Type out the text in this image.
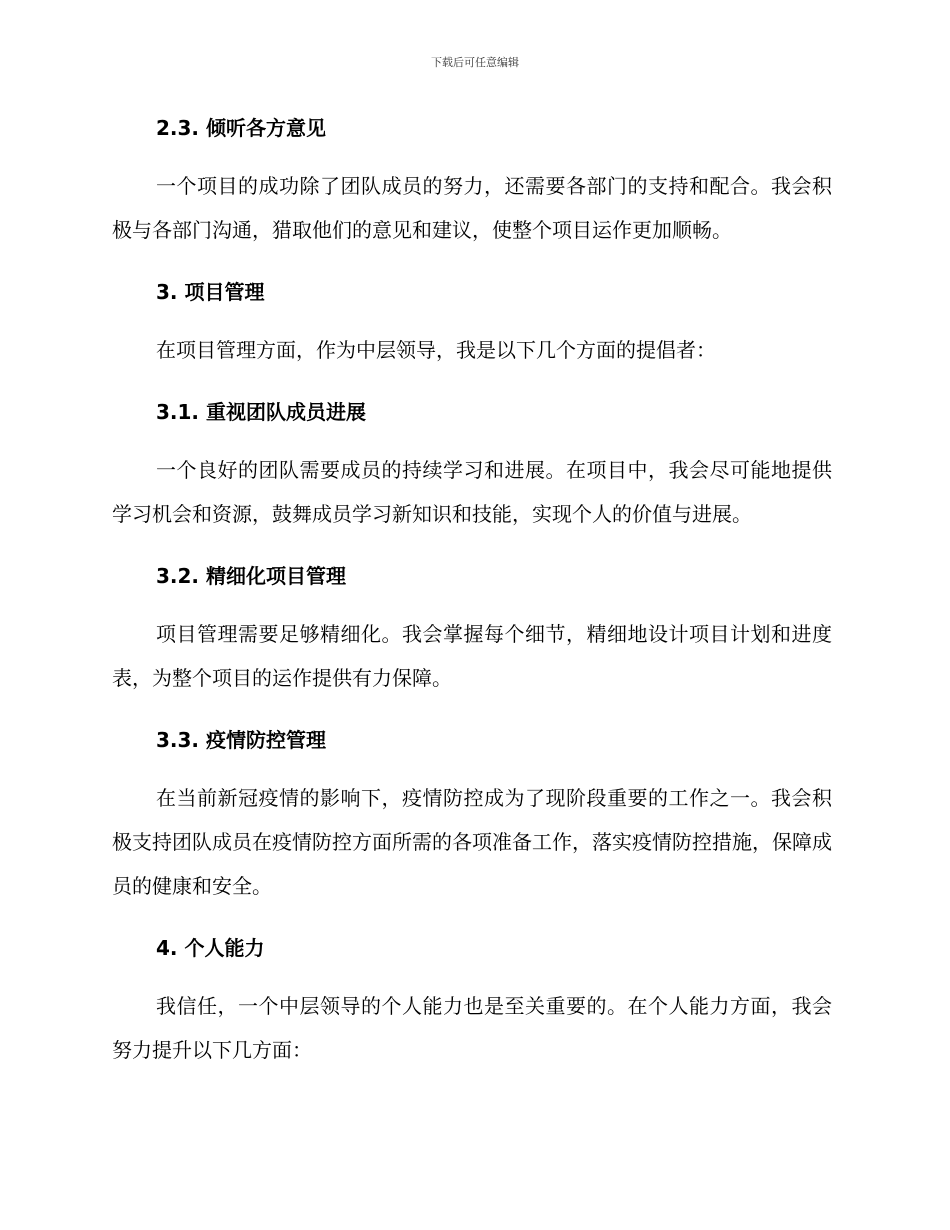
下载后可任意编辑
2.3. 倾听各方意见

一个项目的成功除了团队成员的努力，还需要各部门的支持和配合。我会积极与各部门沟通，猎取他们的意见和建议，使整个项目运作更加顺畅。

3. 项目管理

在项目管理方面，作为中层领导，我是以下几个方面的提倡者：

3.1. 重视团队成员进展

一个良好的团队需要成员的持续学习和进展。在项目中，我会尽可能地提供学习机会和资源，鼓舞成员学习新知识和技能，实现个人的价值与进展。

3.2. 精细化项目管理

项目管理需要足够精细化。我会掌握每个细节，精细地设计项目计划和进度表，为整个项目的运作提供有力保障。

3.3. 疫情防控管理

在当前新冠疫情的影响下，疫情防控成为了现阶段重要的工作之一。我会积极支持团队成员在疫情防控方面所需的各项准备工作，落实疫情防控措施，保障成员的健康和安全。

4. 个人能力

我信任，一个中层领导的个人能力也是至关重要的。在个人能力方面，我会努力提升以下几方面：
